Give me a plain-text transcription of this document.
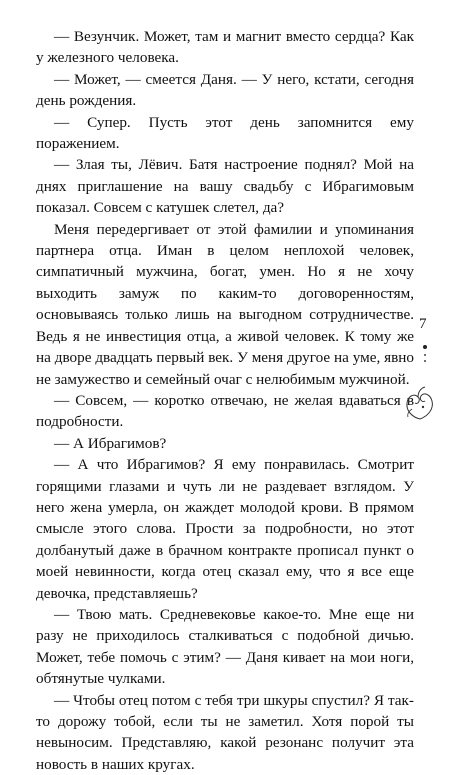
— Везунчик. Может, там и магнит вместо сердца? Как у железного человека.

— Может, — смеется Даня. — У него, кстати, сегодня день рождения.

— Супер. Пусть этот день запомнится ему поражением.

— Злая ты, Лёвич. Батя настроение поднял? Мой на днях приглашение на вашу свадьбу с Ибрагимовым показал. Совсем с катушек слетел, да?

Меня передергивает от этой фамилии и упоминания партнера отца. Иман в целом неплохой человек, симпатичный мужчина, богат, умен. Но я не хочу выходить замуж по каким-то договоренностям, основываясь только лишь на выгодном сотрудничестве. Ведь я не инвестиция отца, а живой человек. К тому же на дворе двадцать первый век. У меня другое на уме, явно не замужество и семейный очаг с нелюбимым мужчиной.

— Совсем, — коротко отвечаю, не желая вдаваться в подробности.

— А Ибрагимов?

— А что Ибрагимов? Я ему понравилась. Смотрит горящими глазами и чуть ли не раздевает взглядом. У него жена умерла, он жаждет молодой крови. В прямом смысле этого слова. Прости за подробности, но этот долбанутый даже в брачном контракте прописал пункт о моей невинности, когда отец сказал ему, что я все еще девочка, представляешь?

— Твою мать. Средневековье какое-то. Мне еще ни разу не приходилось сталкиваться с подобной дичью. Может, тебе помочь с этим? — Даня кивает на мои ноги, обтянутые чулками.

— Чтобы отец потом с тебя три шкуры спустил? Я так-то дорожу тобой, если ты не заметил. Хотя порой ты невыносим. Представляю, какой резонанс получит эта новость в наших кругах.

7
